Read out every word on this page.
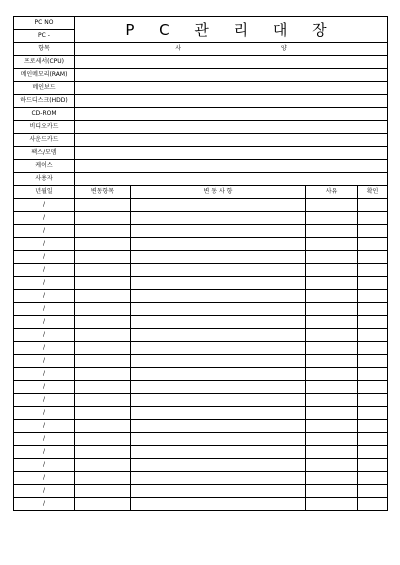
PC NO	P C 관 리 대 장			
PC -				
항목	사 양			
프로세서(CPU)				
메인메모리(RAM)				
메인보드				
하드디스크(HDD)				
CD-ROM				
비디오카드				
사운드카드				
팩스/모뎀				
케이스				
사용자				
년월일	변동항목	변 동 사 항	사유	확인
/				
/				
/				
/				
/				
/				
/				
/				
/				
/				
/				
/				
/				
/				
/				
/				
/				
/				
/				
/				
/				
/				
/				
/				
